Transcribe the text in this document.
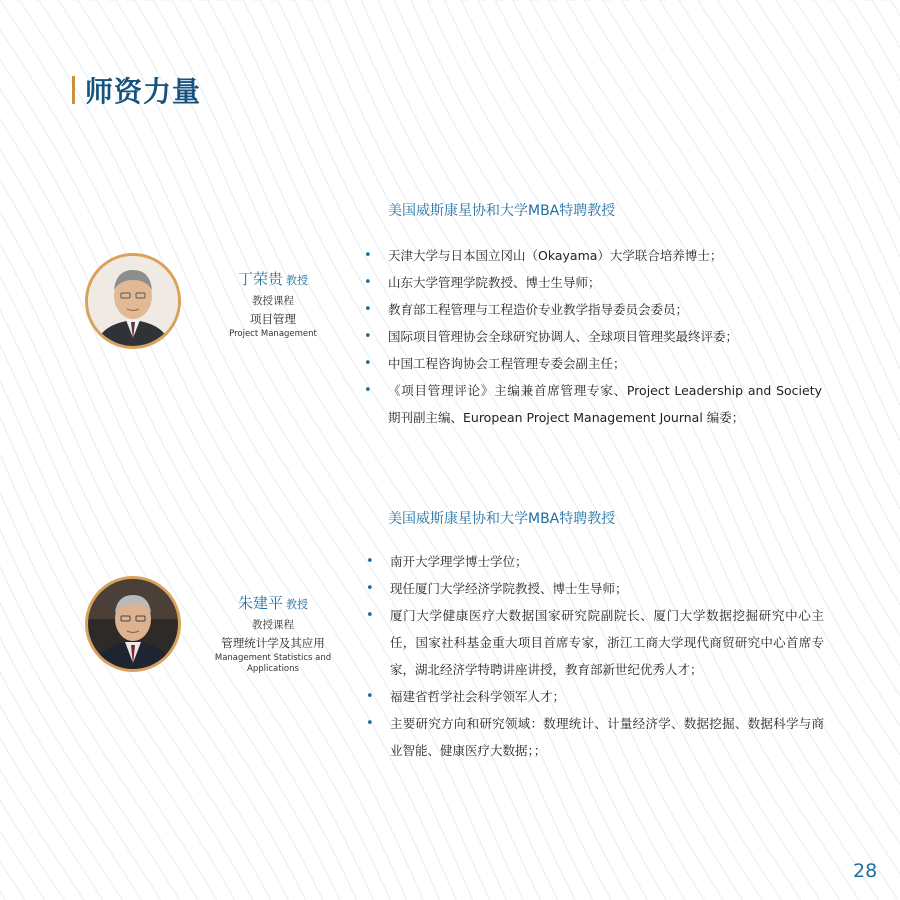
师资力量
美国威斯康星协和大学MBA特聘教授
丁荣贵 教授
教授课程
项目管理
Project Management
• 天津大学与日本国立冈山（Okayama）大学联合培养博士；
• 山东大学管理学院教授、博士生导师；
• 教育部工程管理与工程造价专业教学指导委员会委员；
• 国际项目管理协会全球研究协调人、全球项目管理奖最终评委；
• 中国工程咨询协会工程管理专委会副主任；
• 《项目管理评论》主编兼首席管理专家、Project Leadership and Society 期刊副主编、European Project Management Journal 编委；
美国威斯康星协和大学MBA特聘教授
朱建平 教授
教授课程
管理统计学及其应用
Management Statistics and Applications
• 南开大学理学博士学位；
• 现任厦门大学经济学院教授、博士生导师；
• 厦门大学健康医疗大数据国家研究院副院长、厦门大学数据挖掘研究中心主任，国家社科基金重大项目首席专家，浙江工商大学现代商贸研究中心首席专家，湖北经济学特聘讲座讲授，教育部新世纪优秀人才；
• 福建省哲学社会科学领军人才；
• 主要研究方向和研究领域：数理统计、计量经济学、数据挖掘、数据科学与商业智能、健康医疗大数据；；
28
